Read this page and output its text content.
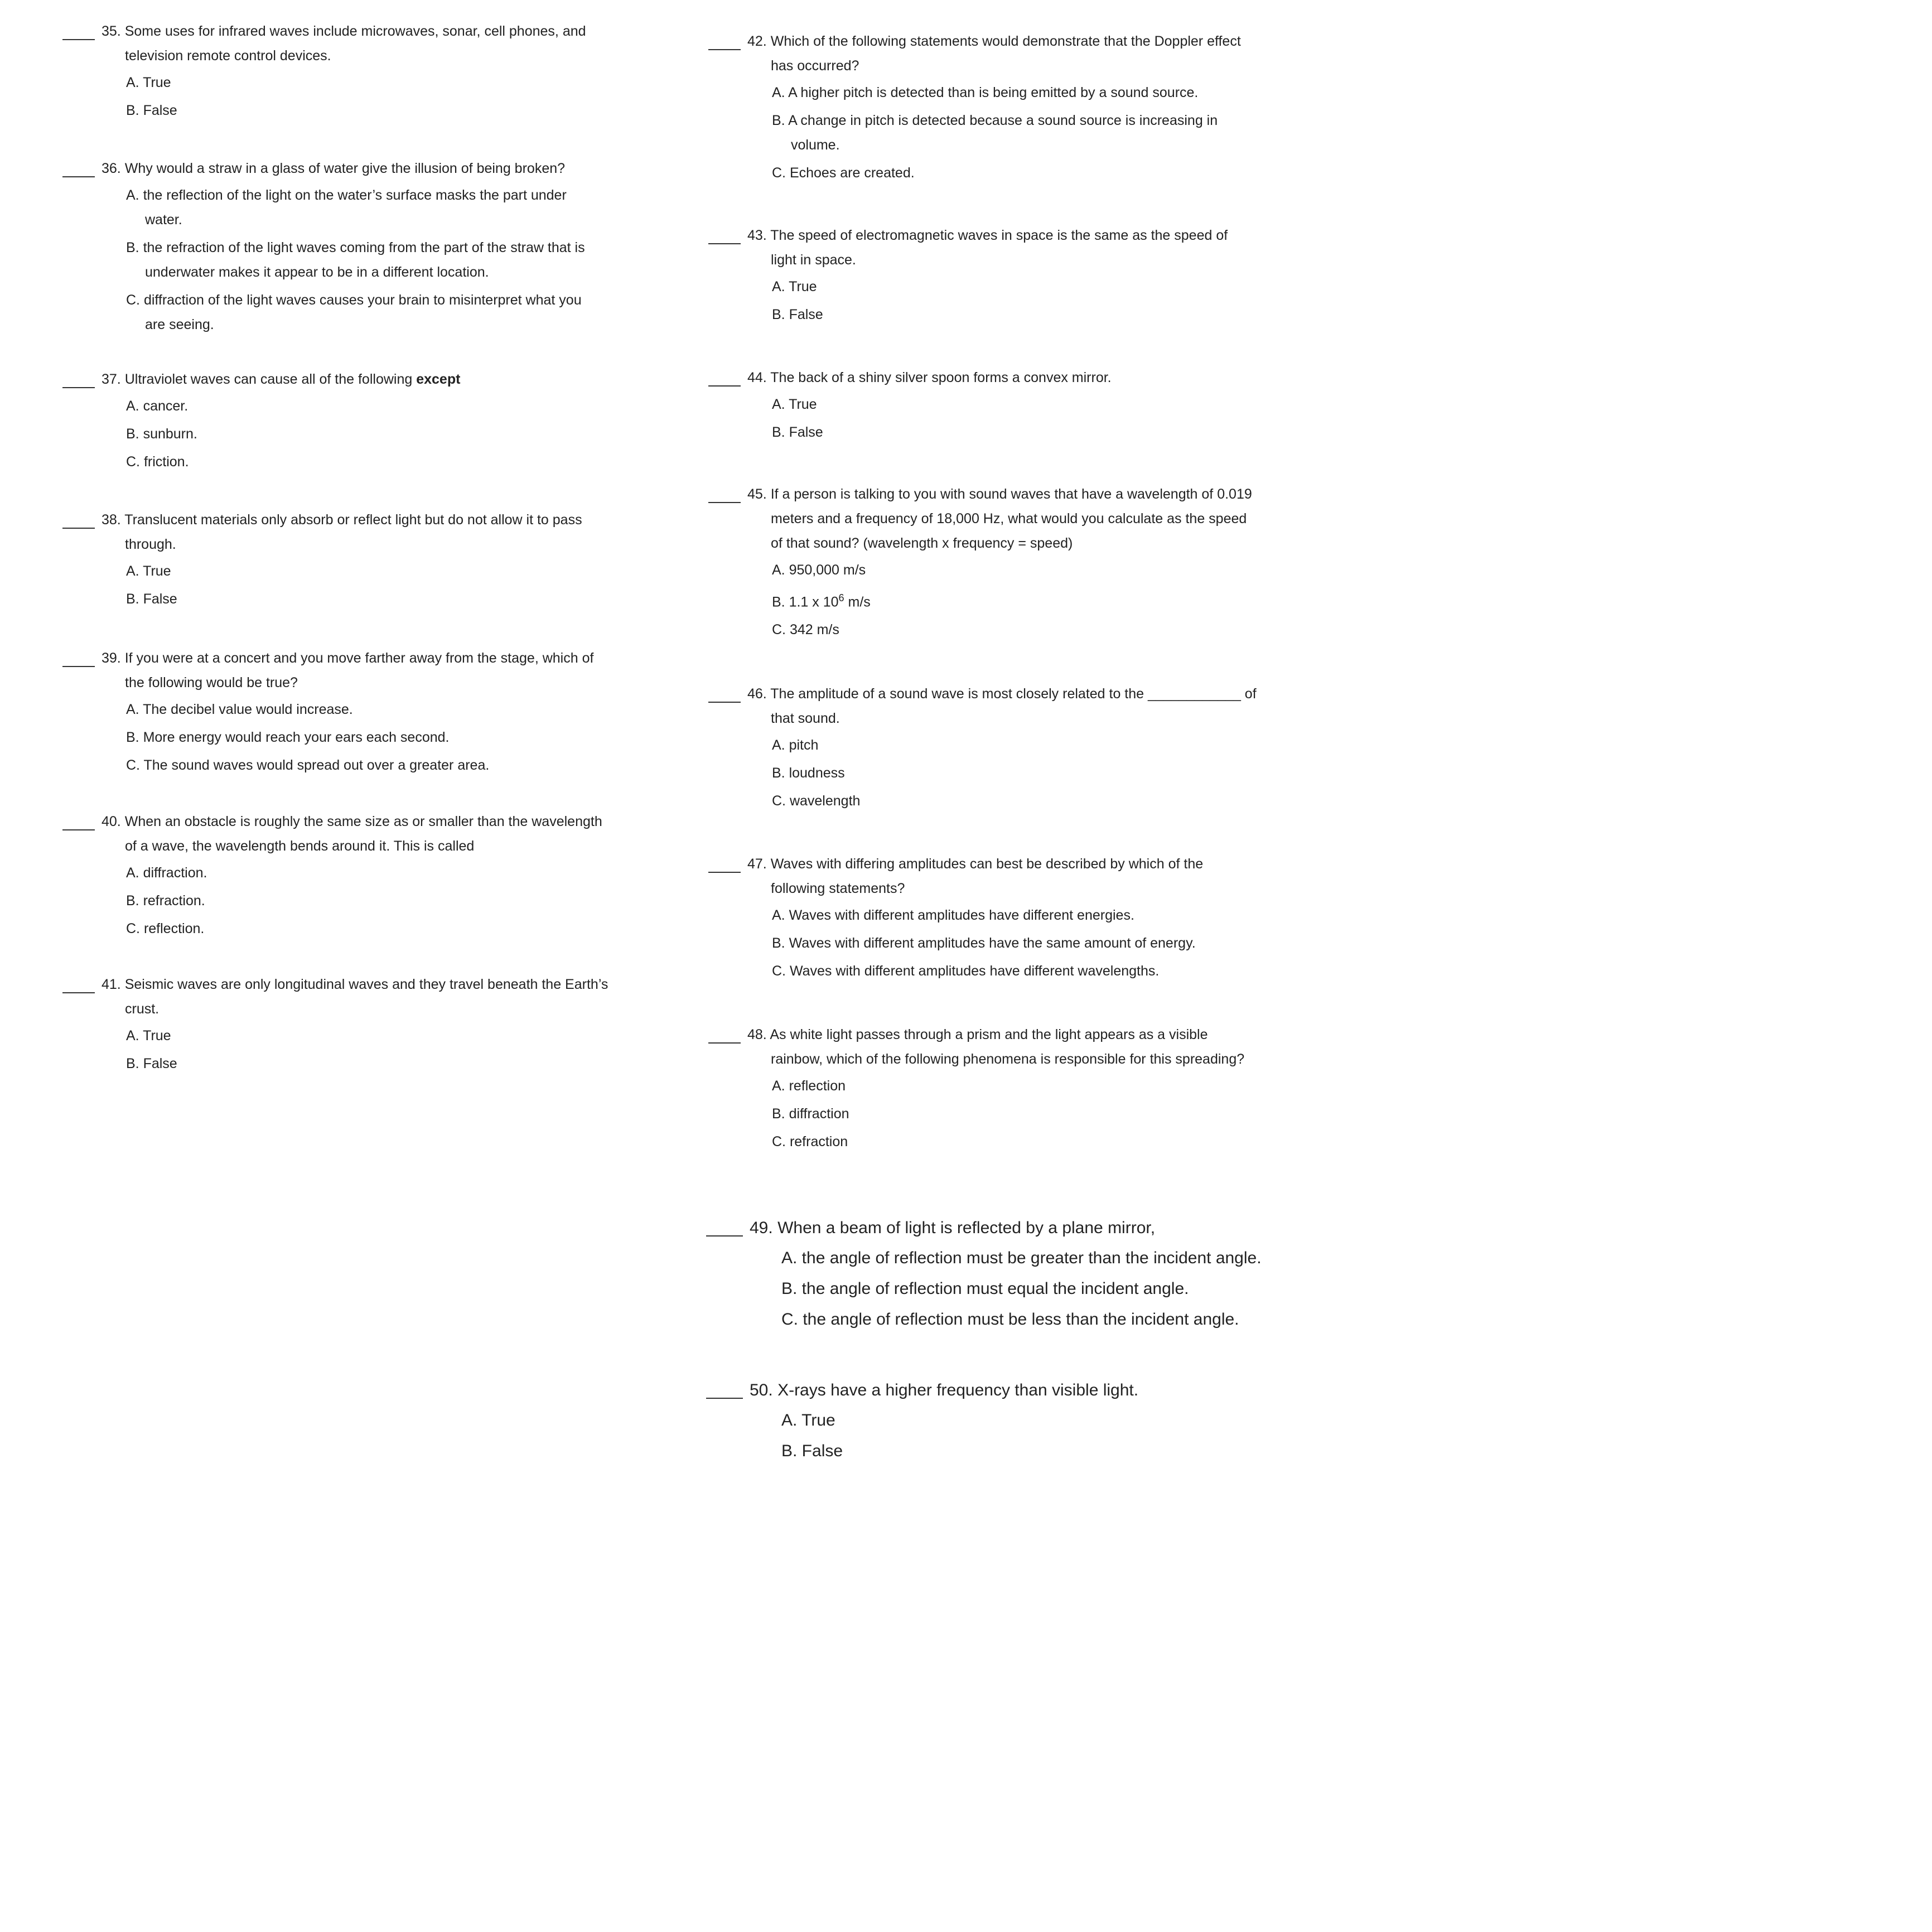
35. Some uses for infrared waves include microwaves, sonar, cell phones, and
television remote control devices.
A. True
B. False
36. Why would a straw in a glass of water give the illusion of being broken?
A. the reflection of the light on the water’s surface masks the part under
water.
B. the refraction of the light waves coming from the part of the straw that is
underwater makes it appear to be in a different location.
C. diffraction of the light waves causes your brain to misinterpret what you
are seeing.
37. Ultraviolet waves can cause all of the following except
A. cancer.
B. sunburn.
C. friction.
38. Translucent materials only absorb or reflect light but do not allow it to pass
through.
A. True
B. False
39. If you were at a concert and you move farther away from the stage, which of
the following would be true?
A. The decibel value would increase.
B. More energy would reach your ears each second.
C. The sound waves would spread out over a greater area.
40. When an obstacle is roughly the same size as or smaller than the wavelength
of a wave, the wavelength bends around it. This is called
A. diffraction.
B. refraction.
C. reflection.
41. Seismic waves are only longitudinal waves and they travel beneath the Earth’s
crust.
A. True
B. False
42. Which of the following statements would demonstrate that the Doppler effect
has occurred?
A. A higher pitch is detected than is being emitted by a sound source.
B. A change in pitch is detected because a sound source is increasing in
volume.
C. Echoes are created.
43. The speed of electromagnetic waves in space is the same as the speed of
light in space.
A. True
B. False
44. The back of a shiny silver spoon forms a convex mirror.
A. True
B. False
45. If a person is talking to you with sound waves that have a wavelength of 0.019
meters and a frequency of 18,000 Hz, what would you calculate as the speed
of that sound? (wavelength x frequency = speed)
A. 950,000 m/s
B. 1.1 x $10^6$ m/s
C. 342 m/s
46. The amplitude of a sound wave is most closely related to the ____________ of
that sound.
A. pitch
B. loudness
C. wavelength
47. Waves with differing amplitudes can best be described by which of the
following statements?
A. Waves with different amplitudes have different energies.
B. Waves with different amplitudes have the same amount of energy.
C. Waves with different amplitudes have different wavelengths.
48. As white light passes through a prism and the light appears as a visible
rainbow, which of the following phenomena is responsible for this spreading?
A. reflection
B. diffraction
C. refraction
49. When a beam of light is reflected by a plane mirror,
A. the angle of reflection must be greater than the incident angle.
B. the angle of reflection must equal the incident angle.
C. the angle of reflection must be less than the incident angle.
50. X-rays have a higher frequency than visible light.
A. True
B. False
